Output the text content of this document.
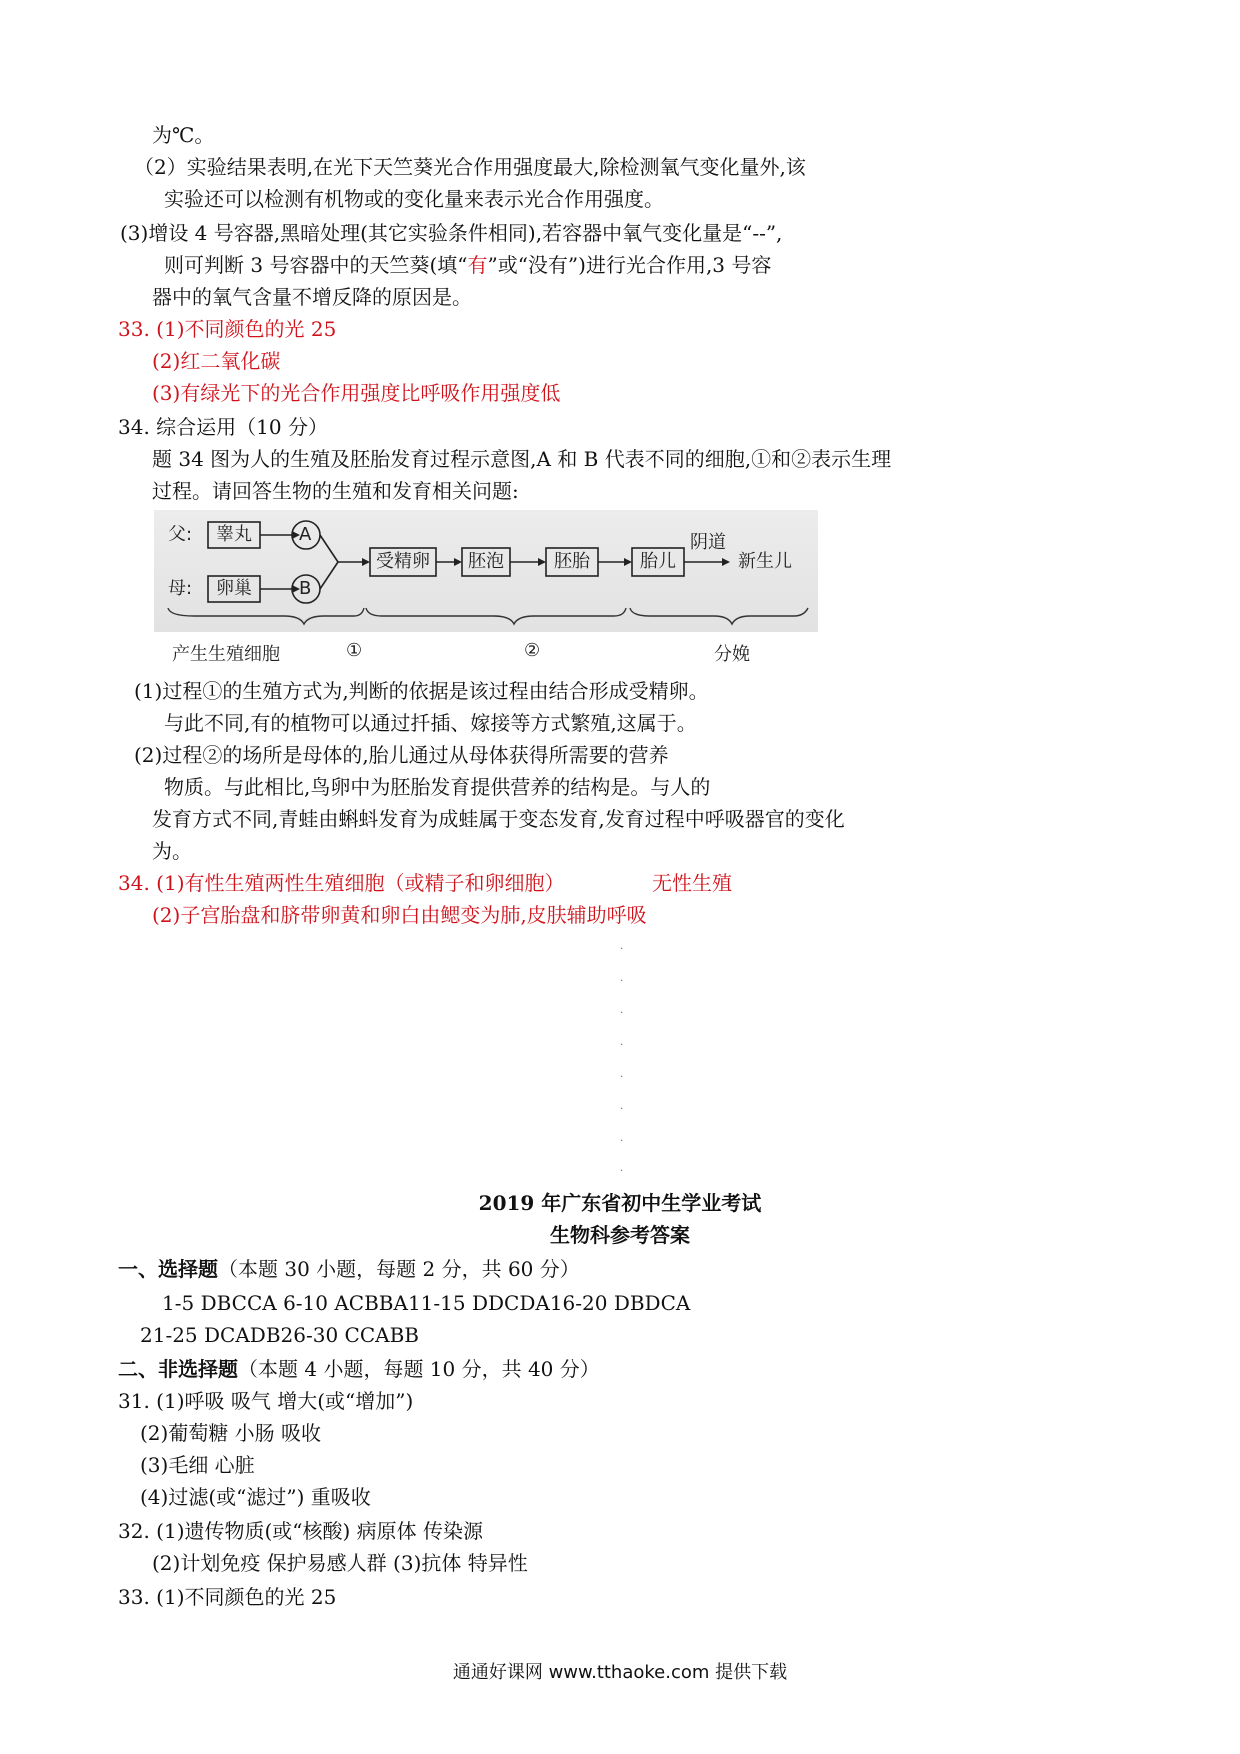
为℃。
（2）实验结果表明,在光下天竺葵光合作用强度最大,除检测氧气变化量外,该
实验还可以检测有机物或的变化量来表示光合作用强度。
(3)增设 4 号容器,黑暗处理(其它实验条件相同),若容器中氧气变化量是“--”,
则可判断 3 号容器中的天竺葵(填“有”或“没有”)进行光合作用,3 号容
器中的氧气含量不增反降的原因是。
33. (1)不同颜色的光 25
(2)红二氧化碳
(3)有绿光下的光合作用强度比呼吸作用强度低
34. 综合运用（10 分）
题 34 图为人的生殖及胚胎发育过程示意图,A 和 B 代表不同的细胞,①和②表示生理
过程。请回答生物的生殖和发育相关问题:
父:
母:
睾丸
卵巢
A
B
受精卵 胚泡	胚胎	胎儿
阴道
新生儿
产生生殖细胞	①	②	分娩
(1)过程①的生殖方式为,判断的依据是该过程由结合形成受精卵。
与此不同,有的植物可以通过扦插、嫁接等方式繁殖,这属于。
(2)过程②的场所是母体的,胎儿通过从母体获得所需要的营养
物质。与此相比,鸟卵中为胚胎发育提供营养的结构是。与人的
发育方式不同,青蛙由蝌蚪发育为成蛙属于变态发育,发育过程中呼吸器官的变化
为。
34. (1)有性生殖两性生殖细胞（或精子和卵细胞）	无性生殖
(2)子宫胎盘和脐带卵黄和卵白由鳃变为肺,皮肤辅助呼吸
·
·
·
·
·
·
·
·
2019 年广东省初中生学业考试
生物科参考答案
一、选择题（本题 30 小题，每题 2 分，共 60 分）
1-5 DBCCA 6-10 ACBBA11-15 DDCDA16-20 DBDCA
21-25 DCADB26-30 CCABB
二、非选择题（本题 4 小题，每题 10 分，共 40 分）
31. (1)呼吸 吸气 增大(或“增加”)
(2)葡萄糖 小肠 吸收
(3)毛细 心脏
(4)过滤(或“滤过”) 重吸收
32. (1)遗传物质(或“核酸) 病原体 传染源
(2)计划免疫 保护易感人群 (3)抗体 特异性
33. (1)不同颜色的光 25
通通好课网 www.tthaoke.com 提供下载
